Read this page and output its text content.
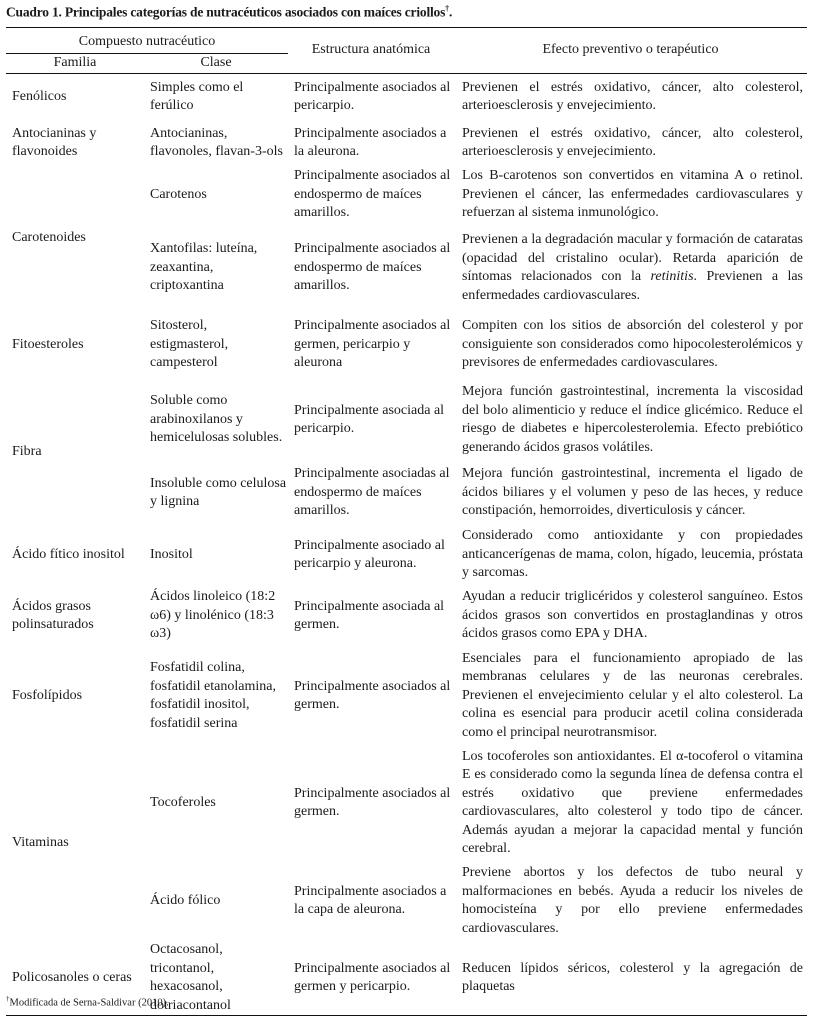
Cuadro 1. Principales categorías de nutracéuticos asociados con maíces criollos†.
Compuesto nutracéutico		Estructura anatómica	Efecto preventivo o terapéutico
Familia	Clase		
Fenólicos	Simples como el ferúlico	Principalmente asociados al pericarpio.	Previenen el estrés oxidativo, cáncer, alto colesterol, arterioesclerosis y envejecimiento.
Antocianinas y flavonoides	Antocianinas, flavonoles, flavan-3-ols	Principalmente asociados a la aleurona.	Previenen el estrés oxidativo, cáncer, alto colesterol, arterioesclerosis y envejecimiento.
Carotenoides	Carotenos	Principalmente asociados al endospermo de maíces amarillos.	Los B-carotenos son convertidos en vitamina A o retinol. Previenen el cáncer, las enfermedades cardiovasculares y refuerzan al sistema inmunológico.
	Xantofilas: luteína, zeaxantina, criptoxantina	Principalmente asociados al endospermo de maíces amarillos.	Previenen a la degradación macular y formación de cataratas (opacidad del cristalino ocular). Retarda aparición de síntomas relacionados con la retinitis. Previenen a las enfermedades cardiovasculares.
Fitoesteroles	Sitosterol, estigmasterol, campesterol	Principalmente asociados al germen, pericarpio y aleurona	Compiten con los sitios de absorción del colesterol y por consiguiente son considerados como hipocolesterolémicos y previsores de enfermedades cardiovasculares.
Fibra	Soluble como arabinoxilanos y hemicelulosas solubles.	Principalmente asociada al pericarpio.	Mejora función gastrointestinal, incrementa la viscosidad del bolo alimenticio y reduce el índice glicémico. Reduce el riesgo de diabetes e hipercolesterolemia. Efecto prebiótico generando ácidos grasos volátiles.
	Insoluble como celulosa y lignina	Principalmente asociadas al endospermo de maíces amarillos.	Mejora función gastrointestinal, incrementa el ligado de ácidos biliares y el volumen y peso de las heces, y reduce constipación, hemorroides, diverticulosis y cáncer.
Ácido fítico inositol	Inositol	Principalmente asociado al pericarpio y aleurona.	Considerado como antioxidante y con propiedades anticancerígenas de mama, colon, hígado, leucemia, próstata y sarcomas.
Ácidos grasos polinsaturados	Ácidos linoleico (18:2 ω6) y linolénico (18:3 ω3)	Principalmente asociada al germen.	Ayudan a reducir triglicéridos y colesterol sanguíneo. Estos ácidos grasos son convertidos en prostaglandinas y otros ácidos grasos como EPA y DHA.
Fosfolípidos	Fosfatidil colina, fosfatidil etanolamina, fosfatidil inositol, fosfatidil serina	Principalmente asociados al germen.	Esenciales para el funcionamiento apropiado de las membranas celulares y de las neuronas cerebrales. Previenen el envejecimiento celular y el alto colesterol. La colina es esencial para producir acetil colina considerada como el principal neurotransmisor.
Vitaminas	Tocoferoles	Principalmente asociados al germen.	Los tocoferoles son antioxidantes. El α-tocoferol o vitamina E es considerado como la segunda línea de defensa contra el estrés oxidativo que previene enfermedades cardiovasculares, alto colesterol y todo tipo de cáncer. Además ayudan a mejorar la capacidad mental y función cerebral.
	Ácido fólico	Principalmente asociados a la capa de aleurona.	Previene abortos y los defectos de tubo neural y malformaciones en bebés. Ayuda a reducir los niveles de homocisteína y por ello previene enfermedades cardiovasculares.
Policosanoles o ceras	Octacosanol, tricontanol, hexacosanol, dotriacontanol	Principalmente asociados al germen y pericarpio.	Reducen lípidos séricos, colesterol y la agregación de plaquetas
†Modificada de Serna-Saldivar (2010).
